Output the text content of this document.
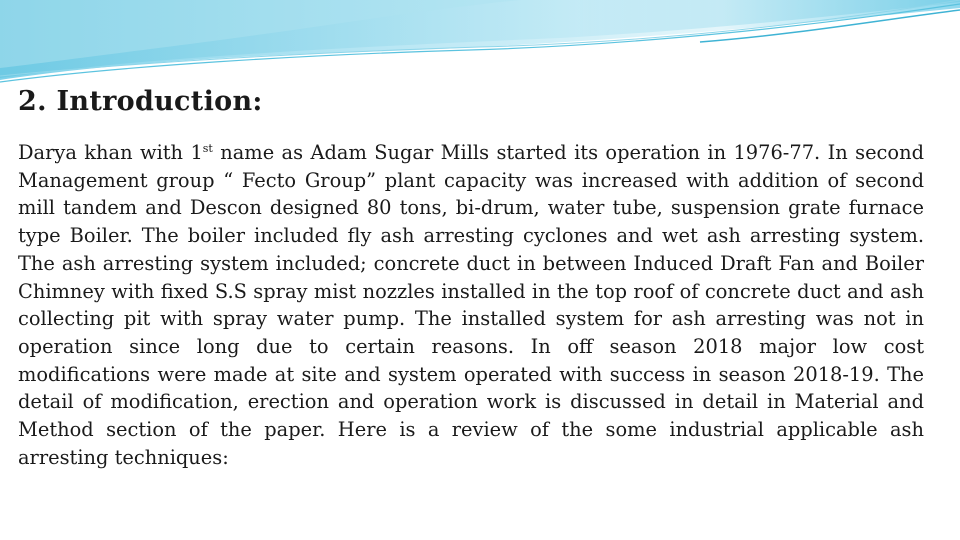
2. Introduction:

Darya khan with 1st name as Adam Sugar Mills started its operation in 1976-77. In second Management group “ Fecto Group” plant capacity was increased with addition of second mill tandem and Descon designed 80 tons, bi-drum, water tube, suspension grate furnace type Boiler. The boiler included fly ash arresting cyclones and wet ash arresting system. The ash arresting system included; concrete duct in between Induced Draft Fan and Boiler Chimney with fixed S.S spray mist nozzles installed in the top roof of concrete duct and ash collecting pit with spray water pump. The installed system for ash arresting was not in operation since long due to certain reasons. In off season 2018 major low cost modifications were made at site and system operated with success in season 2018-19. The detail of modification, erection and operation work is discussed in detail in Material and Method section of the paper. Here is a review of the some industrial applicable ash arresting techniques:
